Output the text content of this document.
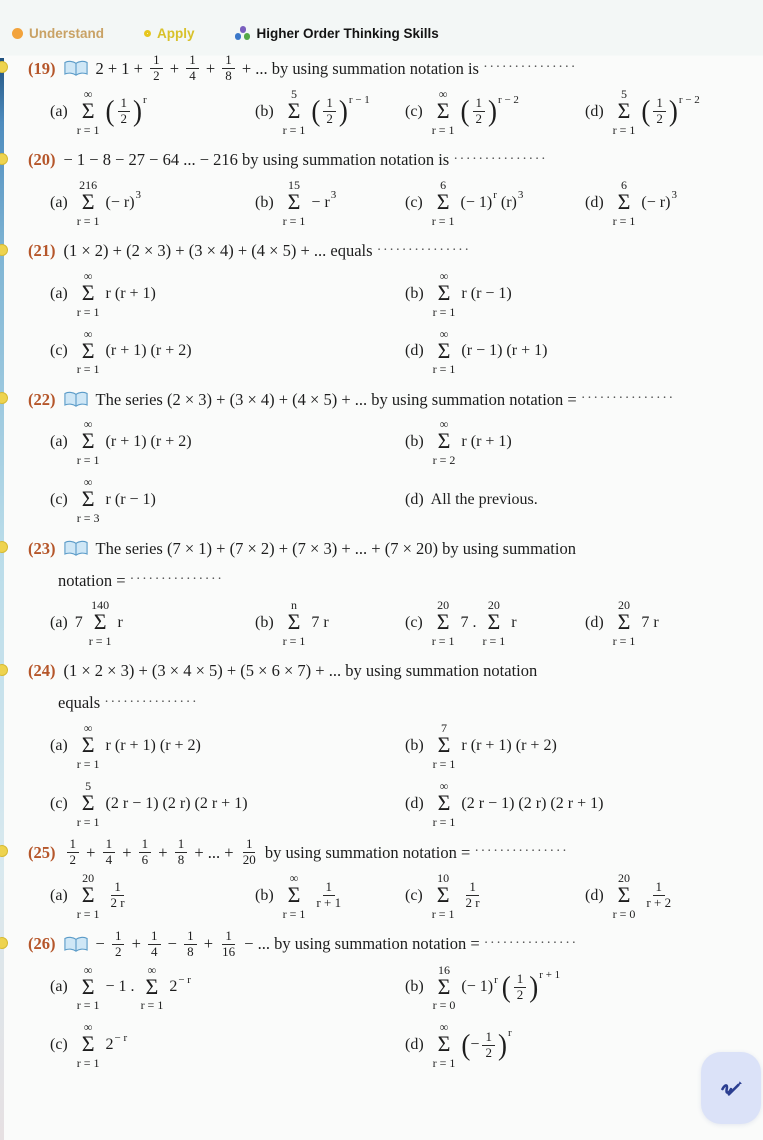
Understand	Apply	Higher Order Thinking Skills
(19) $2 + 1 + \frac{1}{2} + \frac{1}{4} + \frac{1}{8}$ + ... by using summation notation is ···············
(a)
∞
Σ
r = 1
( $\frac{1}{2}$ ) r
(b)
5
Σ
r = 1
( $\frac{1}{2}$ ) r − 1
(c)
∞
Σ
r = 1
( $\frac{1}{2}$ ) r − 2
(d)
5
Σ
r = 1
( $\frac{1}{2}$ ) r − 2
(20) − 1 − 8 − 27 − 64 ... − 216 by using summation notation is ···············
(a)
216
Σ
r = 1
(− r) 3	(b)
15
Σ
r = 1
− r 3	(c)
6
Σ
r = 1
(− 1) r (r) 3	(d)
6
Σ
r = 1
(− r) 3
(21) (1 × 2) + (2 × 3) + (3 × 4) + (4 × 5) + ... equals ···············
(a)
∞
Σ
r = 1
r (r + 1)	(b)
∞
Σ
r = 1
r (r − 1)
(c)
∞
Σ
r = 1
(r + 1) (r + 2)	(d)
∞
Σ
r = 1
(r − 1) (r + 1)
(22) The series (2 × 3) + (3 × 4) + (4 × 5) + ... by using summation notation = ···············
(a)
∞
Σ
r = 1
(r + 1) (r + 2)	(b)
∞
Σ
r = 2
r (r + 1)
(c)
∞
Σ
r = 3
r (r − 1)	(d) All the previous.
(23) The series (7 × 1) + (7 × 2) + (7 × 3) + ... + (7 × 20) by using summation
notation = ···············
(a) 7
140
Σ
r = 1
r	(b)
n
Σ
r = 1
7 r	(c)
20
Σ
r = 1
7 .
20
Σ
r = 1
r	(d)
20
Σ
r = 1
7 r
(24) (1 × 2 × 3) + (3 × 4 × 5) + (5 × 6 × 7) + ... by using summation notation
equals ···············
(a)
∞
Σ
r = 1
r (r + 1) (r + 2)	(b)
7
Σ
r = 1
r (r + 1) (r + 2)
(c)
5
Σ
r = 1
(2 r − 1) (2 r) (2 r + 1)	(d)
∞
Σ
r = 1
(2 r − 1) (2 r) (2 r + 1)
$(25) \frac{1}{2} + \frac{1}{4} + \frac{1}{6} + \frac{1}{8}$ + ... + $\frac{1}{20}$ by using summation notation = ···············
(a)
20
Σ
r = 1
$\frac{1}{2 r}$	(b)
∞
Σ
r = 1
$\frac{1}{r + 1}$	(c)
10
Σ
r = 1
$\frac{1}{2 r}$	(d)
20
Σ
r = 0
$\frac{1}{r + 2}$
$(26) - \frac{1}{2} + \frac{1}{4} - \frac{1}{8} + \frac{1}{16}$ − ... by using summation notation = ···············
(a)
∞
Σ
r = 1
− 1 .
∞
Σ
r = 1
2 − r	(b)
16
Σ
r = 0
(− 1) r
( $\frac{1}{2}$ ) r + 1
(c)
∞
Σ
r = 1
2 − r	(d)
∞
Σ
r = 1
( − $\frac{1}{2}$ ) r
